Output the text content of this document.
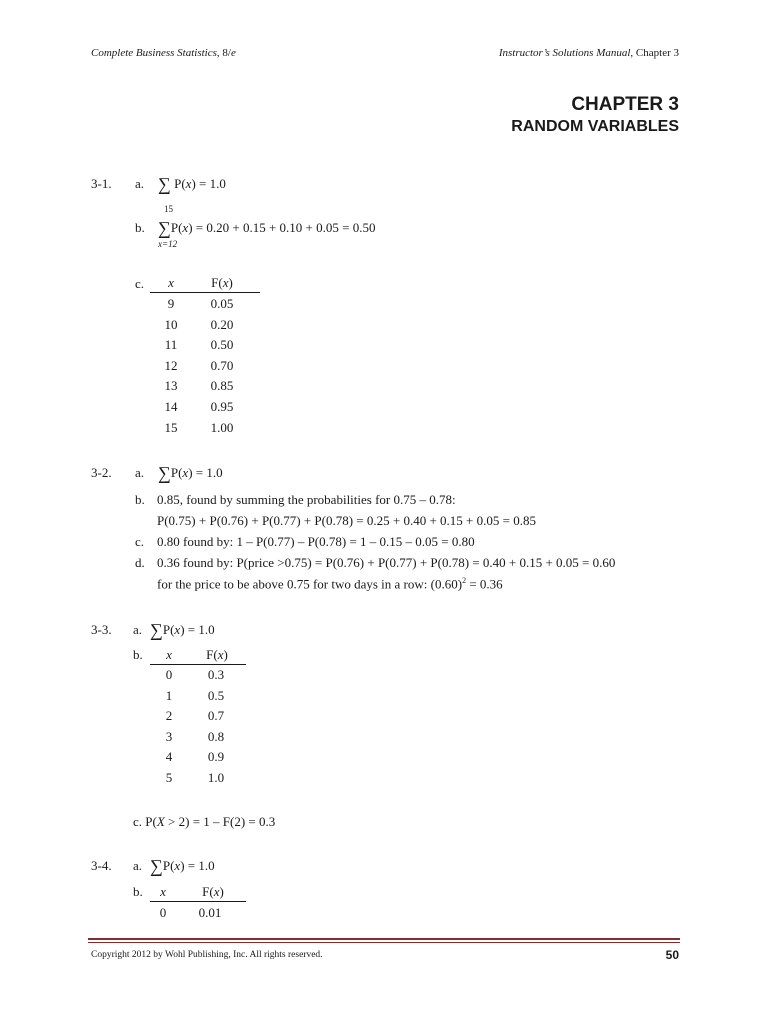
Complete Business Statistics, 8/e	Instructor’s Solutions Manual, Chapter 3
CHAPTER 3
RANDOM VARIABLES
3-1. a. ∑ P(x) = 1.0
15
b. ∑P(x) = 0.20 + 0.15 + 0.10 + 0.05 = 0.50
x=12
c.	x	F(x)
9	0.05
10	0.20
11	0.50
12	0.70
13	0.85
14	0.95
15	1.00
3-2. a. ∑P(x) = 1.0
b. 0.85, found by summing the probabilities for 0.75 – 0.78:
P(0.75) + P(0.76) + P(0.77) + P(0.78) = 0.25 + 0.40 + 0.15 + 0.05 = 0.85
c. 0.80 found by: 1 – P(0.77) – P(0.78) = 1 – 0.15 – 0.05 = 0.80
d. 0.36 found by: P(price >0.75) = P(0.76) + P(0.77) + P(0.78) = 0.40 + 0.15 + 0.05 = 0.60
for the price to be above 0.75 for two days in a row: $(0.60)^2 = 0.36$
3-3. a. ∑P(x) = 1.0
b.	x	F(x)
0	0.3
1	0.5
2	0.7
3	0.8
4	0.9
5	1.0
c. P(X > 2) = 1 – F(2) = 0.3
3-4. a. ∑P(x) = 1.0
b.	x	F(x)
0	0.01
Copyright 2012 by Wohl Publishing, Inc. All rights reserved.	50
